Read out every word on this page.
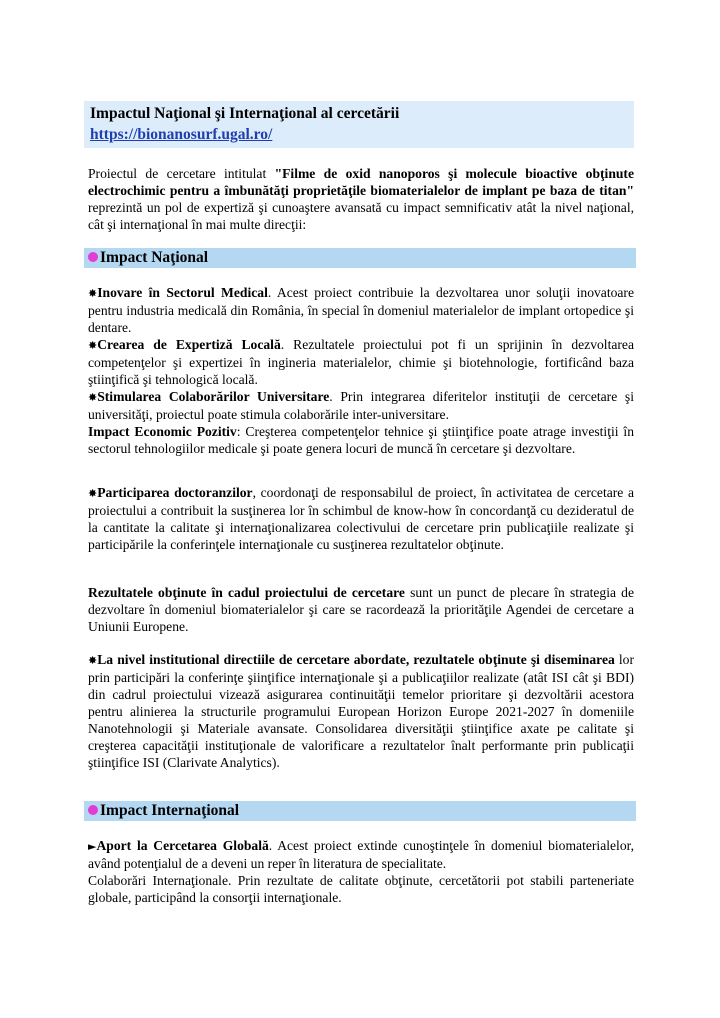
Impactul Naţional şi Internaţional al cercetării
https://bionanosurf.ugal.ro/
Proiectul de cercetare intitulat "Filme de oxid nanoporos şi molecule bioactive obţinute electrochimic pentru a îmbunătăţi proprietăţile biomaterialelor de implant pe baza de titan" reprezintă un pol de expertiză şi cunoaştere avansată cu impact semnificativ atât la nivel naţional, cât şi internaţional în mai multe direcţii:
Impact Naţional
✸Inovare în Sectorul Medical. Acest proiect contribuie la dezvoltarea unor soluţii inovatoare pentru industria medicală din România, în special în domeniul materialelor de implant ortopedice şi dentare.
✸Crearea de Expertiză Locală. Rezultatele proiectului pot fi un sprijinin în dezvoltarea competenţelor şi expertizei în ingineria materialelor, chimie şi biotehnologie, fortificând baza ştiinţifică şi tehnologică locală.
✸Stimularea Colaborărilor Universitare. Prin integrarea diferitelor instituţii de cercetare şi universităţi, proiectul poate stimula colaborările inter-universitare.
Impact Economic Pozitiv: Creşterea competenţelor tehnice şi ştiinţifice poate atrage investiţii în sectorul tehnologiilor medicale şi poate genera locuri de muncă în cercetare şi dezvoltare.
✸Participarea doctoranzilor, coordonaţi de responsabilul de proiect, în activitatea de cercetare a proiectului a contribuit la susţinerea lor în schimbul de know-how în concordanţă cu dezideratul de la cantitate la calitate şi internaţionalizarea colectivului de cercetare prin publicaţiile realizate şi participările la conferinţele internaţionale cu susţinerea rezultatelor obţinute.
Rezultatele obţinute în cadul proiectului de cercetare sunt un punct de plecare în strategia de dezvoltare în domeniul biomaterialelor şi care se racordează la priorităţile Agendei de cercetare a Uniunii Europene.
✸La nivel institutional directiile de cercetare abordate, rezultatele obţinute şi diseminarea lor prin participări la conferinţe şiinţifice internaţionale şi a publicaţiilor realizate (atât ISI cât şi BDI) din cadrul proiectului vizează asigurarea continuităţii temelor prioritare şi dezvoltării acestora pentru alinierea la structurile programului European Horizon Europe 2021-2027 în domeniile Nanotehnologii şi Materiale avansate. Consolidarea diversităţii ştiinţifice axate pe calitate şi creşterea capacităţii instituţionale de valorificare a rezultatelor înalt performante prin publicaţii ştiinţifice ISI (Clarivate Analytics).
Impact Internaţional
►Aport la Cercetarea Globală. Acest proiect extinde cunoştinţele în domeniul biomaterialelor, având potenţialul de a deveni un reper în literatura de specialitate.
Colaborări Internaţionale. Prin rezultate de calitate obţinute, cercetătorii pot stabili parteneriate globale, participând la consorţii internaţionale.
